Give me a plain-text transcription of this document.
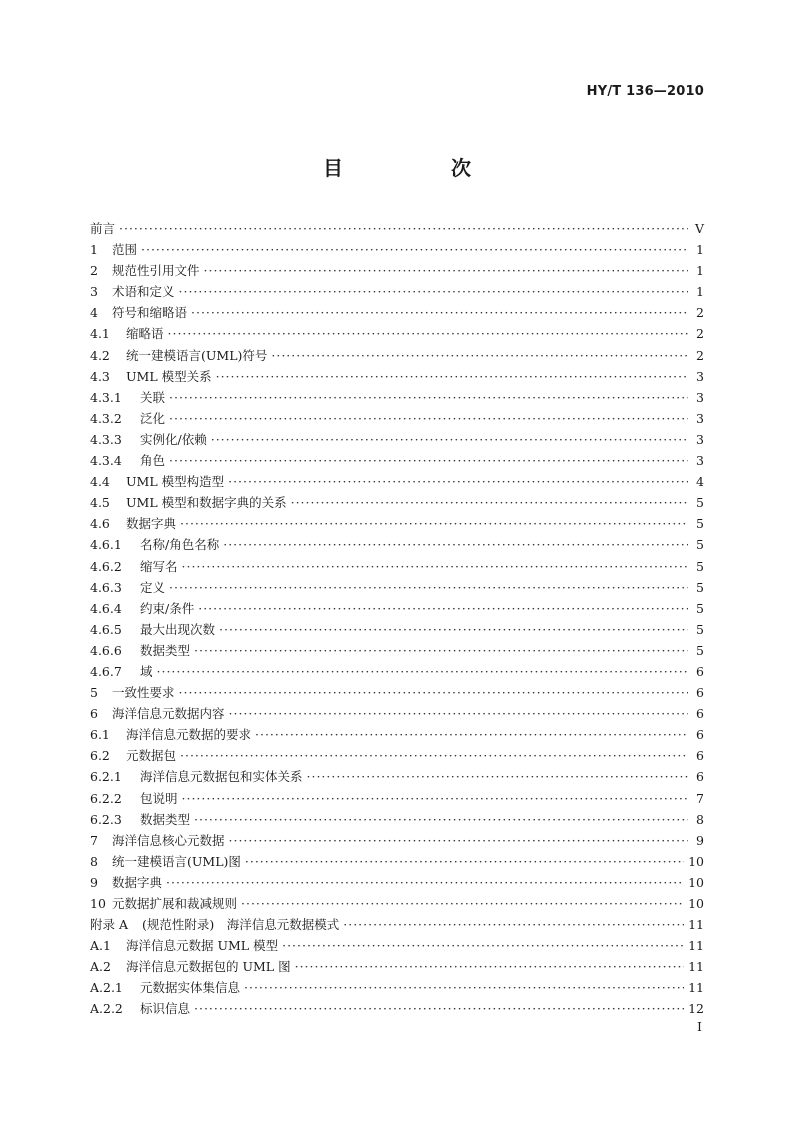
HY/T 136—2010
目　次
前言 ·····	Ⅴ
1	范围 ·····	1
2	规范性引用文件 ·····	1
3	术语和定义 ·····	1
4	符号和缩略语 ·····	2
4.1	缩略语 ·····	2
4.2	统一建模语言(UML)符号 ·····	2
4.3	UML 模型关系 ·····	3
4.3.1	关联 ·····	3
4.3.2	泛化 ·····	3
4.3.3	实例化/依赖 ·····	3
4.3.4	角色 ·····	3
4.4	UML 模型构造型 ·····	4
4.5	UML 模型和数据字典的关系 ·····	5
4.6	数据字典 ·····	5
4.6.1	名称/角色名称 ·····	5
4.6.2	缩写名 ·····	5
4.6.3	定义 ·····	5
4.6.4	约束/条件 ·····	5
4.6.5	最大出现次数 ·····	5
4.6.6	数据类型 ·····	5
4.6.7	域 ·····	6
5	一致性要求 ·····	6
6	海洋信息元数据内容 ·····	6
6.1	海洋信息元数据的要求 ·····	6
6.2	元数据包 ·····	6
6.2.1	海洋信息元数据包和实体关系 ·····	6
6.2.2	包说明 ·····	7
6.2.3	数据类型 ·····	8
7	海洋信息核心元数据 ·····	9
8	统一建模语言(UML)图 ·····	10
9	数据字典 ·····	10
10 元数据扩展和裁减规则 ·····	10
附录 A	(规范性附录)　海洋信息元数据模式 ·····	11
A.1	海洋信息元数据 UML 模型 ·····	11
A.2	海洋信息元数据包的 UML 图 ·····	11
A.2.1	元数据实体集信息 ·····	11
A.2.2	标识信息 ·····	12
I
